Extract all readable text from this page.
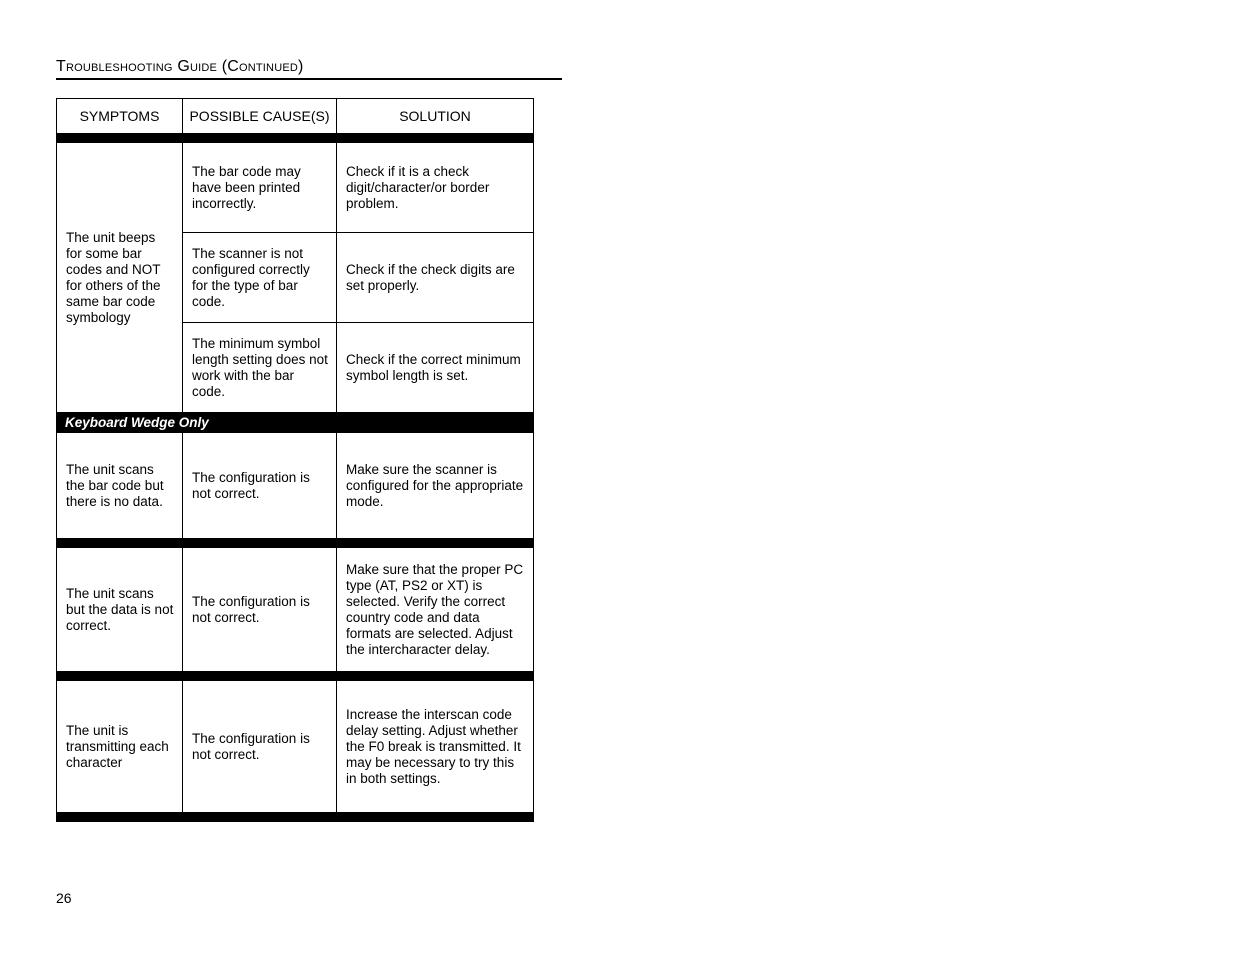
Troubleshooting Guide (Continued)
SYMPTOMS	POSSIBLE CAUSE(S)	SOLUTION
The unit beeps for some bar codes and NOT for others of the same bar code symbology
The bar code may have been printed incorrectly.
Check if it is a check digit/character/or border problem.
The scanner is not configured correctly for the type of bar code.
Check if the check digits are set properly.
The minimum symbol length setting does not work with the bar code.
Check if the correct minimum symbol length is set.
Keyboard Wedge Only
The unit scans the bar code but there is no data.
The configuration is not correct.
Make sure the scanner is configured for the appropriate mode.
The unit scans but the data is not correct.
The configuration is not correct.
Make sure that the proper PC type (AT, PS2 or XT) is selected. Verify the correct country code and data formats are selected. Adjust the intercharacter delay.
The unit is transmitting each character
The configuration is not correct.
Increase the interscan code delay setting. Adjust whether the F0 break is transmitted. It may be necessary to try this in both settings.
26
